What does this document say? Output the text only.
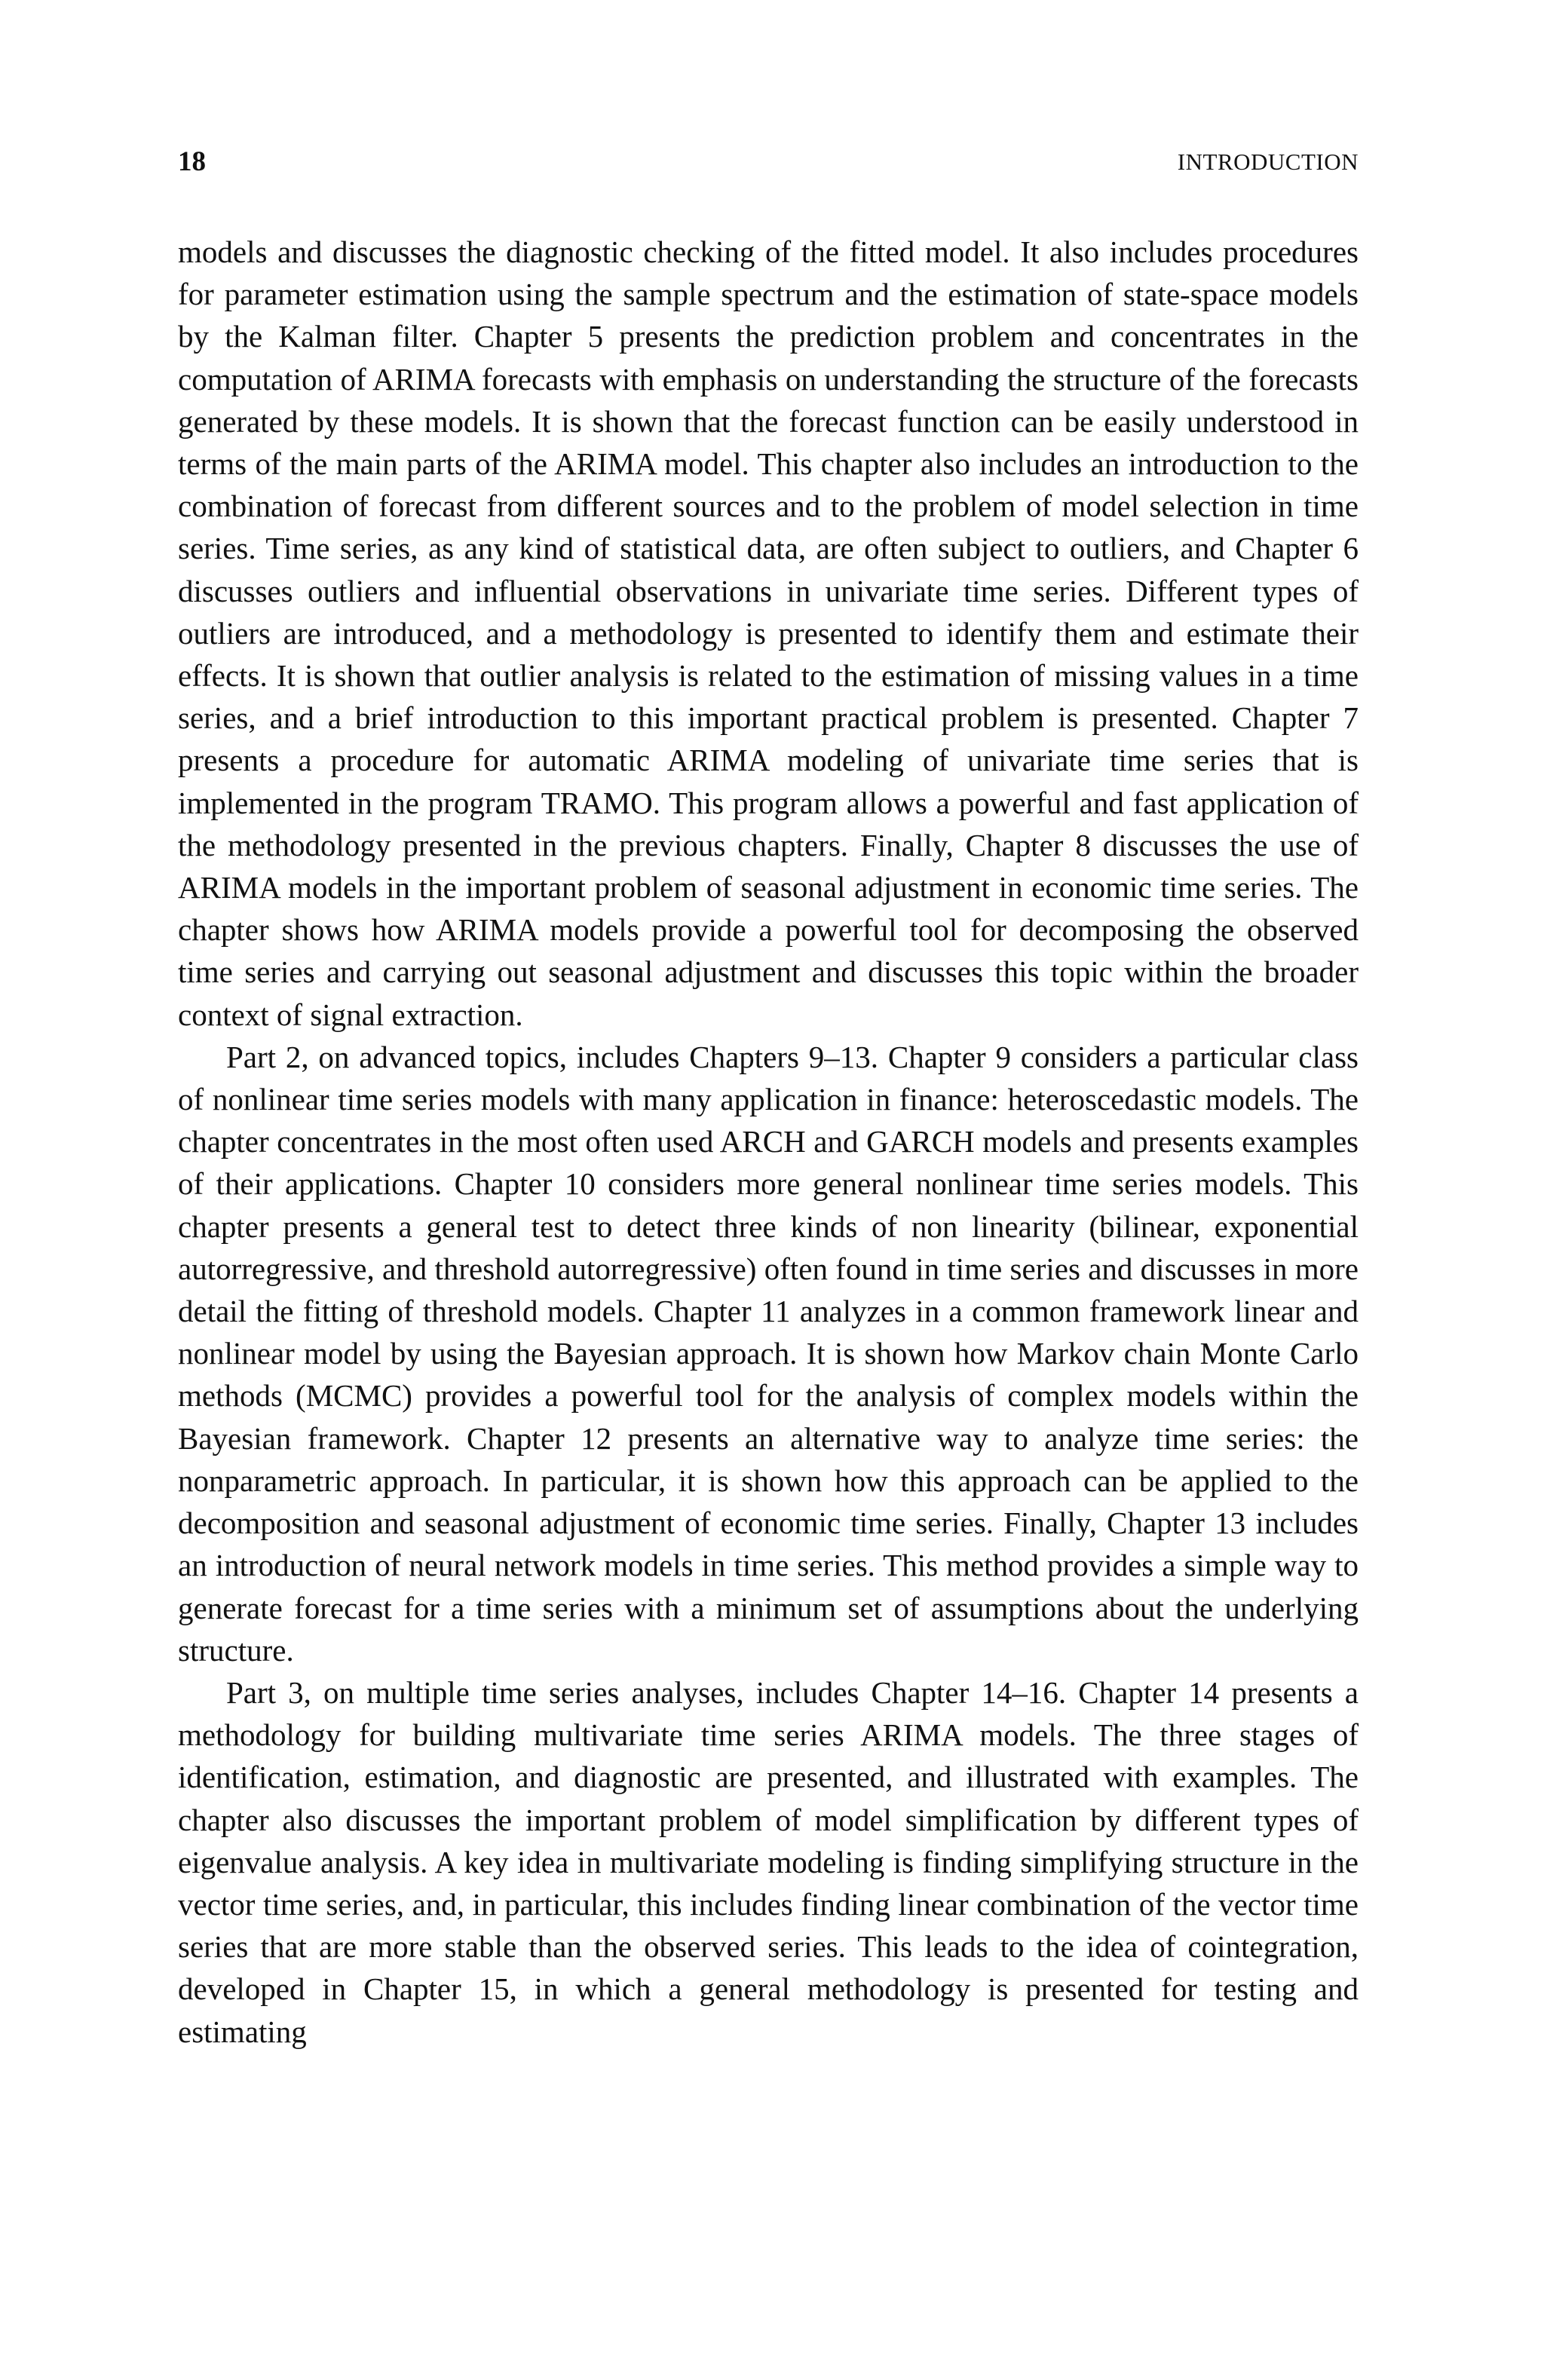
18	INTRODUCTION

models and discusses the diagnostic checking of the fitted model. It also includes procedures for parameter estimation using the sample spectrum and the estimation of state-space models by the Kalman filter. Chapter 5 presents the prediction problem and concentrates in the computation of ARIMA forecasts with emphasis on understanding the structure of the forecasts generated by these models. It is shown that the forecast function can be easily understood in terms of the main parts of the ARIMA model. This chapter also includes an introduction to the combination of forecast from different sources and to the problem of model selection in time series. Time series, as any kind of statistical data, are often subject to outliers, and Chapter 6 discusses outliers and influential observations in univariate time series. Different types of outliers are introduced, and a methodology is presented to identify them and estimate their effects. It is shown that outlier analysis is related to the estimation of missing values in a time series, and a brief introduction to this important practical problem is presented. Chapter 7 presents a procedure for automatic ARIMA modeling of univariate time series that is implemented in the program TRAMO. This program allows a powerful and fast application of the methodology presented in the previous chapters. Finally, Chapter 8 discusses the use of ARIMA models in the important problem of seasonal adjustment in economic time series. The chapter shows how ARIMA models provide a powerful tool for decomposing the observed time series and carrying out seasonal adjustment and discusses this topic within the broader context of signal extraction.

Part 2, on advanced topics, includes Chapters 9–13. Chapter 9 considers a particular class of nonlinear time series models with many application in finance: heteroscedastic models. The chapter concentrates in the most often used ARCH and GARCH models and presents examples of their applications. Chapter 10 considers more general nonlinear time series models. This chapter presents a general test to detect three kinds of non linearity (bilinear, exponential autorregressive, and threshold autorregressive) often found in time series and discusses in more detail the fitting of threshold models. Chapter 11 analyzes in a common framework linear and nonlinear model by using the Bayesian approach. It is shown how Markov chain Monte Carlo methods (MCMC) provides a powerful tool for the analysis of complex models within the Bayesian framework. Chapter 12 presents an alternative way to analyze time series: the nonparametric approach. In particular, it is shown how this approach can be applied to the decomposition and seasonal adjustment of economic time series. Finally, Chapter 13 includes an introduction of neural network models in time series. This method provides a simple way to generate forecast for a time series with a minimum set of assumptions about the underlying structure.

Part 3, on multiple time series analyses, includes Chapter 14–16. Chapter 14 presents a methodology for building multivariate time series ARIMA models. The three stages of identification, estimation, and diagnostic are presented, and illustrated with examples. The chapter also discusses the important problem of model simplification by different types of eigenvalue analysis. A key idea in multivariate modeling is finding simplifying structure in the vector time series, and, in particular, this includes finding linear combination of the vector time series that are more stable than the observed series. This leads to the idea of cointegration, developed in Chapter 15, in which a general methodology is presented for testing and estimating
